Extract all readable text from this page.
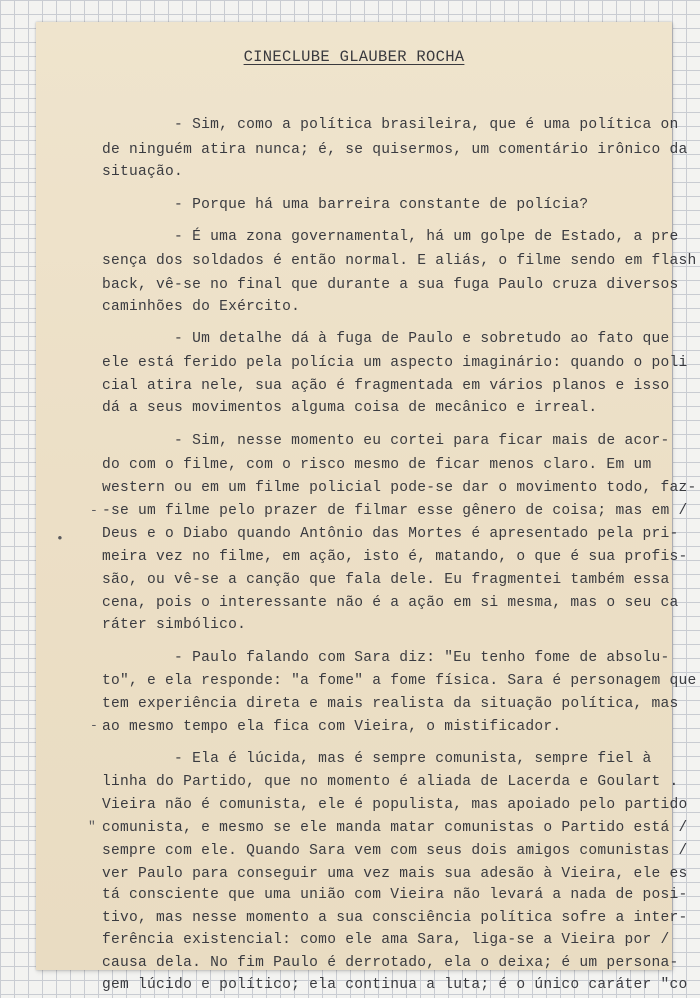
CINECLUBE GLAUBER ROCHA
- Sim, como a política brasileira, que é uma política on
de ninguém atira nunca; é, se quisermos, um comentário irônico da
situação.
- Porque há uma barreira constante de polícia?
- É uma zona governamental, há um golpe de Estado, a pre
sença dos soldados é então normal. E aliás, o filme sendo em flash
back, vê-se no final que durante a sua fuga Paulo cruza diversos
caminhões do Exército.
- Um detalhe dá à fuga de Paulo e sobretudo ao fato que
ele está ferido pela polícia um aspecto imaginário: quando o poli
cial atira nele, sua ação é fragmentada em vários planos e isso
dá a seus movimentos alguma coisa de mecânico e irreal.
- Sim, nesse momento eu cortei para ficar mais de acor-
do com o filme, com o risco mesmo de ficar menos claro. Em um
western ou em um filme policial pode-se dar o movimento todo, faz-
-se um filme pelo prazer de filmar esse gênero de coisa; mas em /
Deus e o Diabo quando Antônio das Mortes é apresentado pela pri-
meira vez no filme, em ação, isto é, matando, o que é sua profis-
são, ou vê-se a canção que fala dele. Eu fragmentei também essa
cena, pois o interessante não é a ação em si mesma, mas o seu ca
ráter simbólico.
- Paulo falando com Sara diz: "Eu tenho fome de absolu-
to", e ela responde: "a fome" a fome física. Sara é personagem que
tem experiência direta e mais realista da situação política, mas
ao mesmo tempo ela fica com Vieira, o mistificador.
- Ela é lúcida, mas é sempre comunista, sempre fiel à
linha do Partido, que no momento é aliada de Lacerda e Goulart .
Vieira não é comunista, ele é populista, mas apoiado pelo partido
comunista, e mesmo se ele manda matar comunistas o Partido está /
sempre com ele. Quando Sara vem com seus dois amigos comunistas /
ver Paulo para conseguir uma vez mais sua adesão à Vieira, ele es
tá consciente que uma união com Vieira não levará a nada de posi-
tivo, mas nesse momento a sua consciência política sofre a inter-
ferência existencial: como ele ama Sara, liga-se a Vieira por /
causa dela. No fim Paulo é derrotado, ela o deixa; é um persona-
gem lúcido e político; ela continua a luta; é o único caráter "co
-
-
•
"
